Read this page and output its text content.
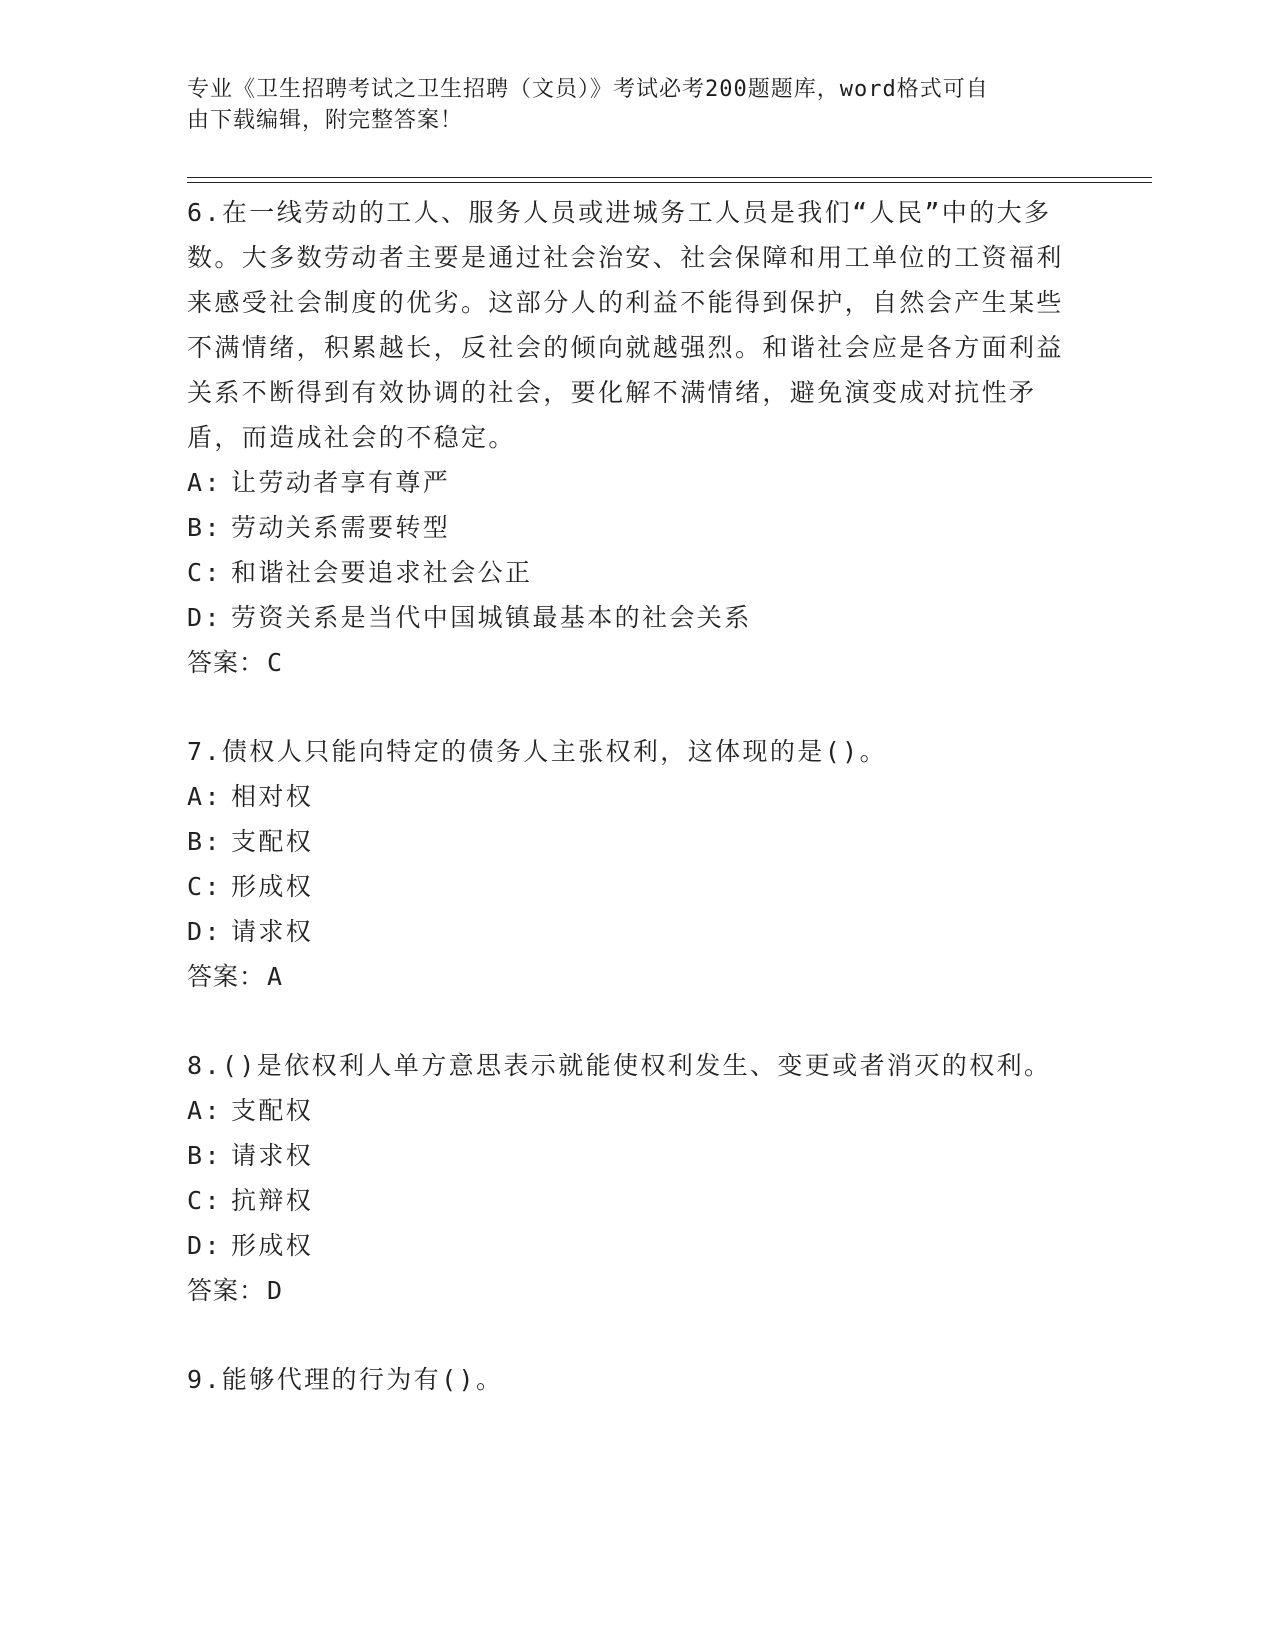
专业《卫生招聘考试之卫生招聘（文员）》考试必考200题题库，word格式可自
由下载编辑，附完整答案！

6.在一线劳动的工人、服务人员或进城务工人员是我们“人民”中的大多数。大多数劳动者主要是通过社会治安、社会保障和用工单位的工资福利来感受社会制度的优劣。这部分人的利益不能得到保护，自然会产生某些不满情绪，积累越长，反社会的倾向就越强烈。和谐社会应是各方面利益关系不断得到有效协调的社会，要化解不满情绪，避免演变成对抗性矛盾，而造成社会的不稳定。

A: 让劳动者享有尊严

B: 劳动关系需要转型

C: 和谐社会要追求社会公正

D: 劳资关系是当代中国城镇最基本的社会关系

答案：C

7.债权人只能向特定的债务人主张权利，这体现的是()。

A: 相对权

B: 支配权

C: 形成权

D: 请求权

答案：A

8.()是依权利人单方意思表示就能使权利发生、变更或者消灭的权利。

A: 支配权

B: 请求权

C: 抗辩权

D: 形成权

答案：D

9.能够代理的行为有()。
